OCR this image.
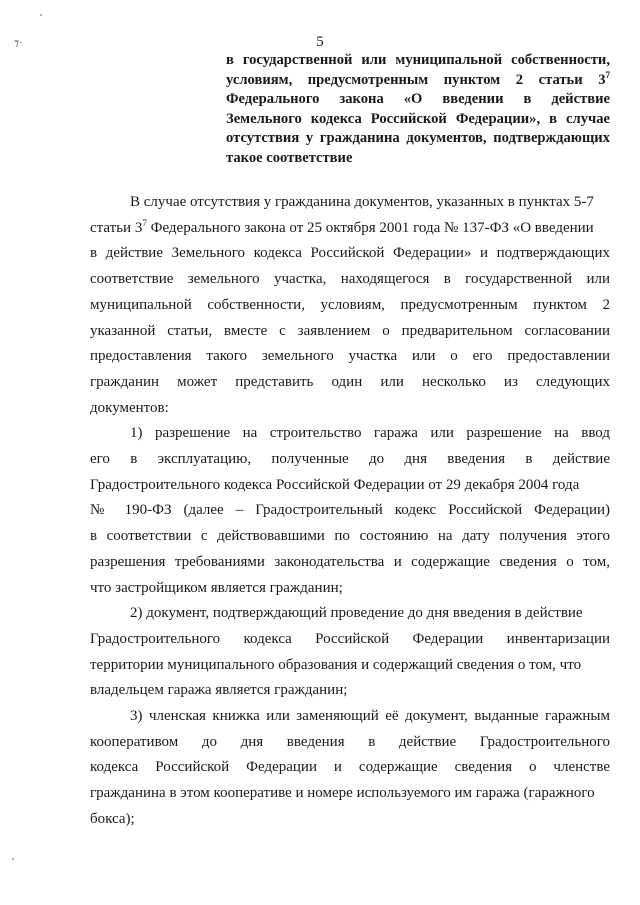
⁊·	5
в государственной или муниципальной собственности,
условиям, предусмотренным пунктом 2 статьи $3^7$
Федерального закона «О введении в действие
Земельного кодекса Российской Федерации», в случае
отсутствия у гражданина документов, подтверждающих
такое соответствие
В случае отсутствия у гражданина документов, указанных в пунктах 5-7
статьи $3^7$ Федерального закона от 25 октября 2001 года № 137-ФЗ «О введении
в действие Земельного кодекса Российской Федерации» и подтверждающих
соответствие земельного участка, находящегося в государственной или
муниципальной собственности, условиям, предусмотренным пунктом 2
указанной статьи, вместе с заявлением о предварительном согласовании
предоставления такого земельного участка или о его предоставлении
гражданин может представить один или несколько из следующих
документов:
1) разрешение на строительство гаража или разрешение на ввод
его в эксплуатацию, полученные до дня введения в действие
Градостроительного кодекса Российской Федерации от 29 декабря 2004 года
№ 190-ФЗ (далее – Градостроительный кодекс Российской Федерации)
в соответствии с действовавшими по состоянию на дату получения этого
разрешения требованиями законодательства и содержащие сведения о том,
что застройщиком является гражданин;
2) документ, подтверждающий проведение до дня введения в действие
Градостроительного кодекса Российской Федерации инвентаризации
территории муниципального образования и содержащий сведения о том, что
владельцем гаража является гражданин;
3) членская книжка или заменяющий её документ, выданные гаражным
кооперативом до дня введения в действие Градостроительного
кодекса Российской Федерации и содержащие сведения о членстве
гражданина в этом кооперативе и номере используемого им гаража (гаражного
бокса);
